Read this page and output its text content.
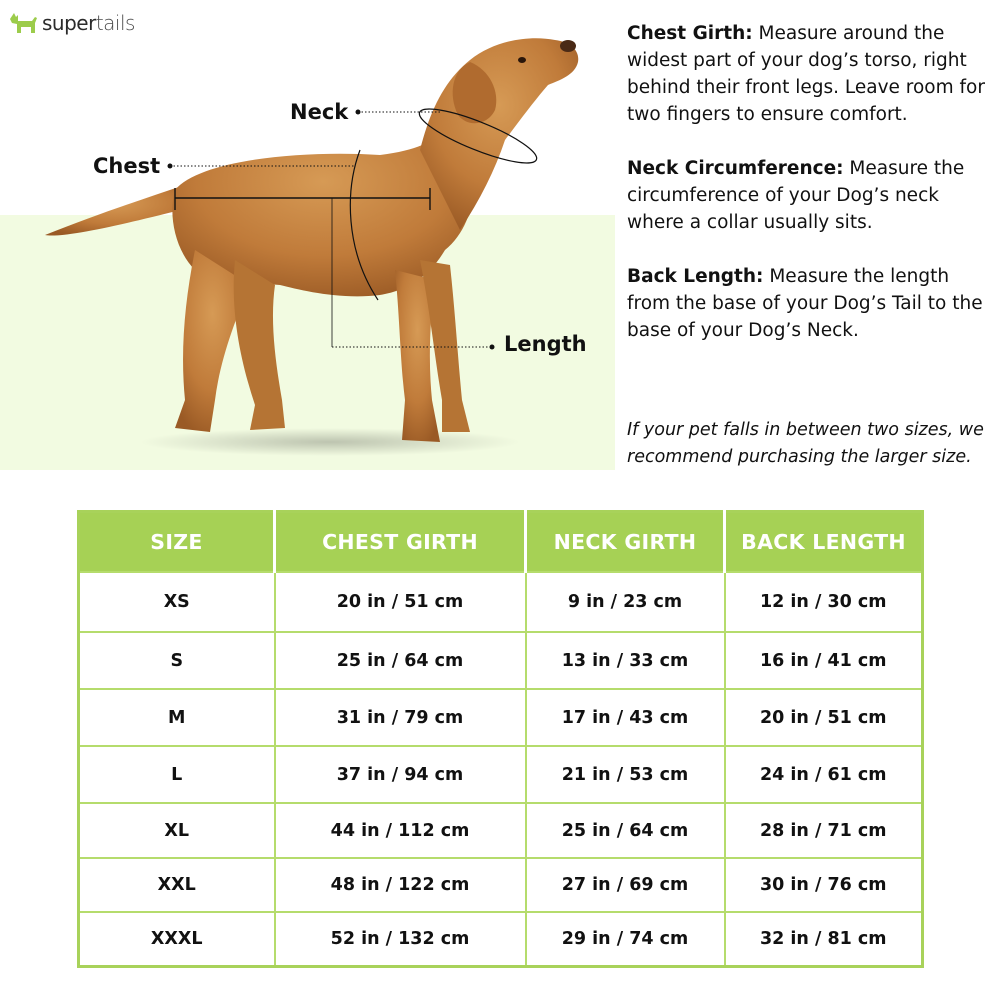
supertails
Neck
Chest
Length

Chest Girth: Measure around the widest part of your dog’s torso, right behind their front legs. Leave room for two fingers to ensure comfort.

Neck Circumference: Measure the circumference of your Dog’s neck where a collar usually sits.

Back Length: Measure the length from the base of your Dog’s Tail to the base of your Dog’s Neck.

If your pet falls in between two sizes, we recommend purchasing the larger size.
SIZE	CHEST GIRTH	NECK GIRTH	BACK LENGTH
XS	20 in / 51 cm	9 in / 23 cm	12 in / 30 cm
S	25 in / 64 cm	13 in / 33 cm	16 in / 41 cm
M	31 in / 79 cm	17 in / 43 cm	20 in / 51 cm
L	37 in / 94 cm	21 in / 53 cm	24 in / 61 cm
XL	44 in / 112 cm	25 in / 64 cm	28 in / 71 cm
XXL	48 in / 122 cm	27 in / 69 cm	30 in / 76 cm
XXXL	52 in / 132 cm	29 in / 74 cm	32 in / 81 cm
